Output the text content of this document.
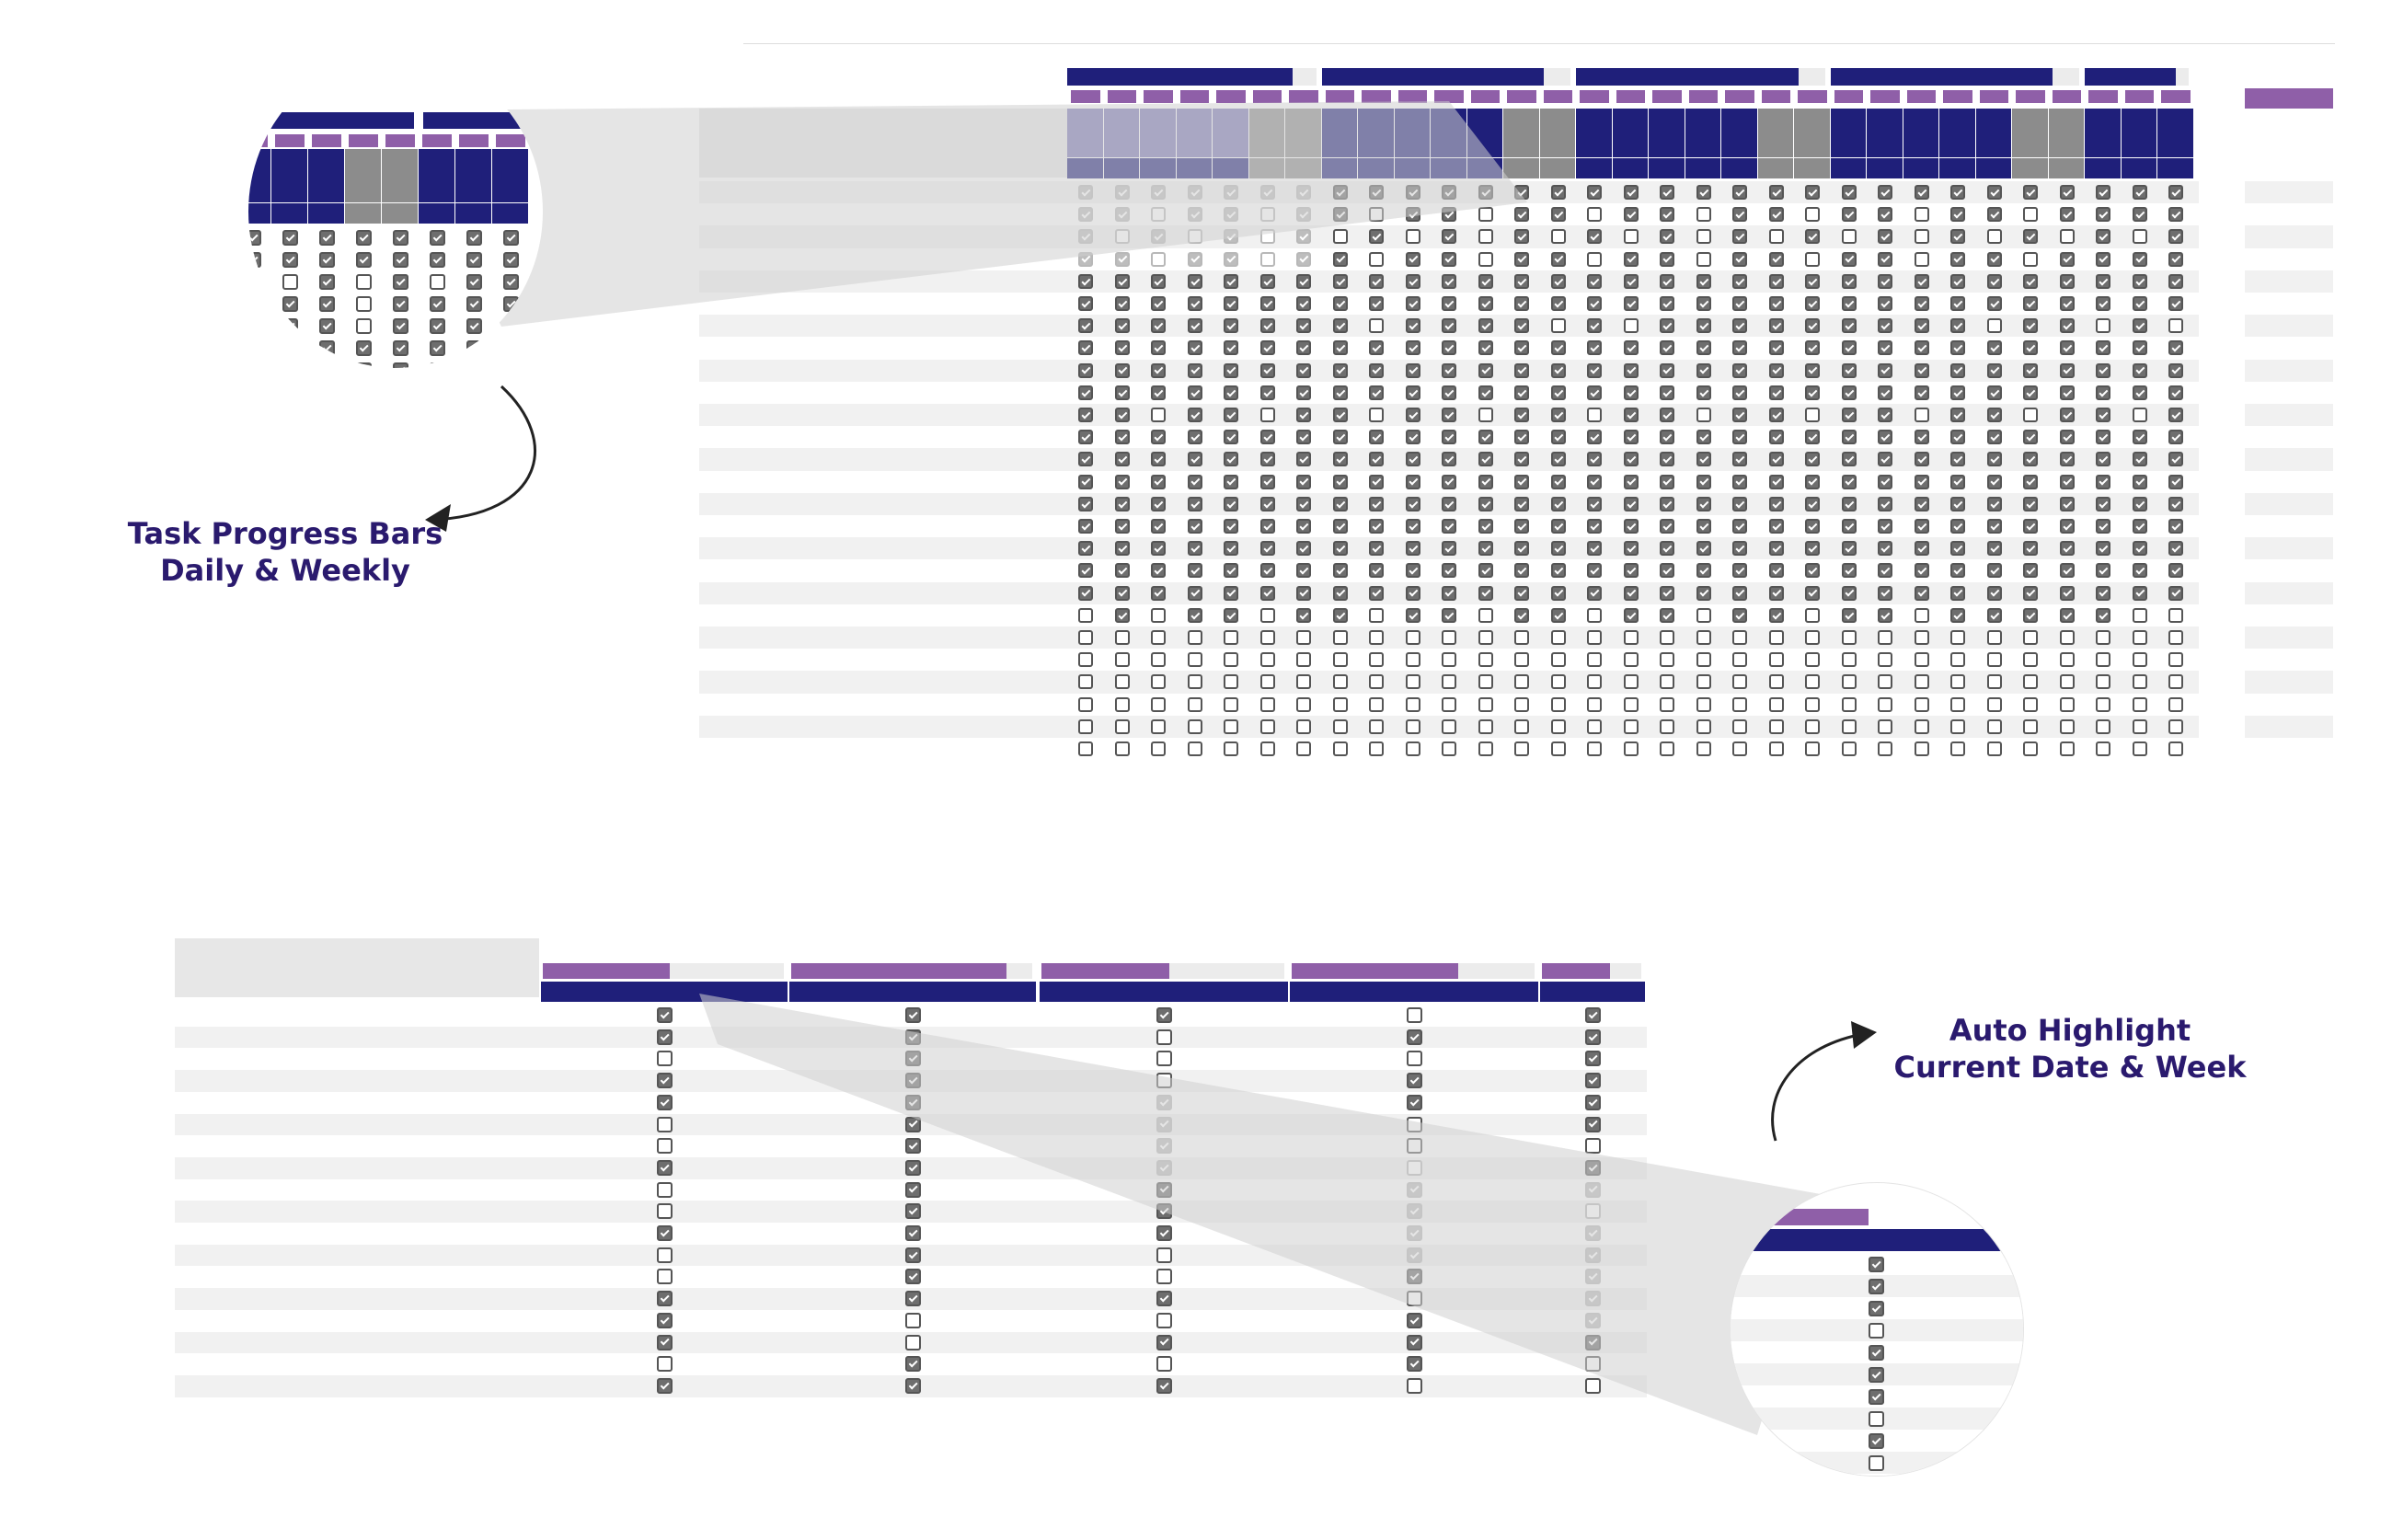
Task Progress Bars
Daily & Weekly
Auto Highlight
Current Date & Week
